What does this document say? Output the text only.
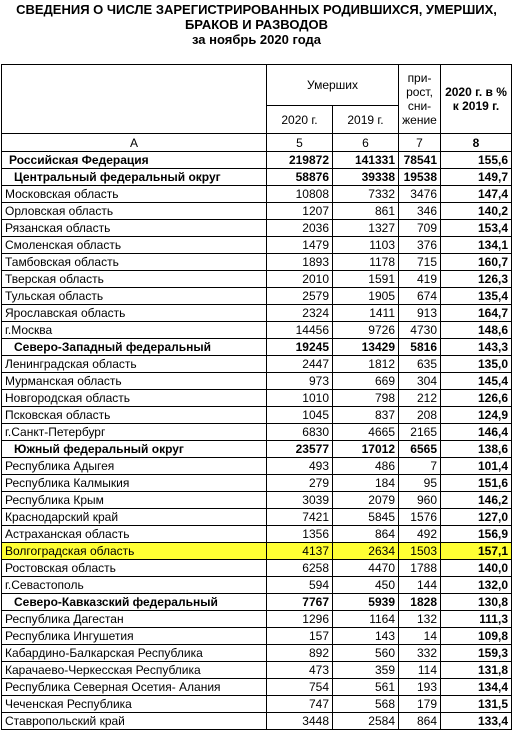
СВЕДЕНИЯ О ЧИСЛЕ ЗАРЕГИСТРИРОВАННЫХ РОДИВШИХСЯ, УМЕРШИХ,
БРАКОВ И РАЗВОДОВ
за ноябрь 2020 года
	Умерших		при-рост, сни-жение	2020 г. в % к 2019 г.
	2020 г.	2019 г.		
А	5	6	7	8
Российская Федерация	219872	141331	78541	155,6
Центральный федеральный округ	58876	39338	19538	149,7
Московская область	10808	7332	3476	147,4
Орловская область	1207	861	346	140,2
Рязанская область	2036	1327	709	153,4
Смоленская область	1479	1103	376	134,1
Тамбовская область	1893	1178	715	160,7
Тверская область	2010	1591	419	126,3
Тульская область	2579	1905	674	135,4
Ярославская область	2324	1411	913	164,7
г.Москва	14456	9726	4730	148,6
Северо-Западный федеральный	19245	13429	5816	143,3
Ленинградская область	2447	1812	635	135,0
Мурманская область	973	669	304	145,4
Новгородская область	1010	798	212	126,6
Псковская область	1045	837	208	124,9
г.Санкт-Петербург	6830	4665	2165	146,4
Южный федеральный округ	23577	17012	6565	138,6
Республика Адыгея	493	486	7	101,4
Республика Калмыкия	279	184	95	151,6
Республика Крым	3039	2079	960	146,2
Краснодарский край	7421	5845	1576	127,0
Астраханская область	1356	864	492	156,9
Волгоградская область	4137	2634	1503	157,1
Ростовская область	6258	4470	1788	140,0
г.Севастополь	594	450	144	132,0
Северо-Кавказский федеральный	7767	5939	1828	130,8
Республика Дагестан	1296	1164	132	111,3
Республика Ингушетия	157	143	14	109,8
Кабардино-Балкарская Республика	892	560	332	159,3
Карачаево-Черкесская Республика	473	359	114	131,8
Республика Северная Осетия- Алания	754	561	193	134,4
Чеченская Республика	747	568	179	131,5
Ставропольский край	3448	2584	864	133,4
